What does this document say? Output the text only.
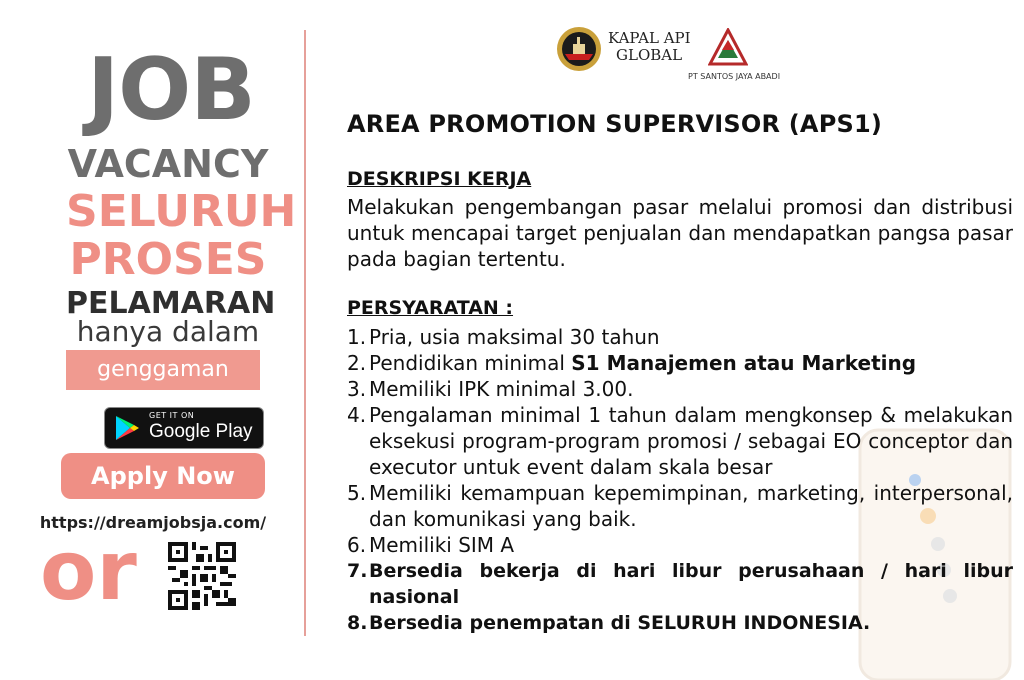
JOB
VACANCY
SELURUH
PROSES
PELAMARAN
hanya dalam
genggaman
GET IT ON
Google Play
Apply Now
https://dreamjobsja.com/
or
KAPAL API
GLOBAL
PT SANTOS JAYA ABADI
AREA PROMOTION SUPERVISOR (APS1)
DESKRIPSI KERJA
Melakukan pengembangan pasar melalui promosi dan distribusi untuk mencapai target penjualan dan mendapatkan pangsa pasar pada bagian tertentu.
PERSYARATAN :
1. Pria, usia maksimal 30 tahun
2. Pendidikan minimal S1 Manajemen atau Marketing
3. Memiliki IPK minimal 3.00.
4. Pengalaman minimal 1 tahun dalam mengkonsep & melakukan eksekusi program-program promosi / sebagai EO conceptor dan executor untuk event dalam skala besar
5. Memiliki kemampuan kepemimpinan, marketing, interpersonal, dan komunikasi yang baik.
6. Memiliki SIM A
7. Bersedia bekerja di hari libur perusahaan / hari libur nasional
8. Bersedia penempatan di SELURUH INDONESIA.
